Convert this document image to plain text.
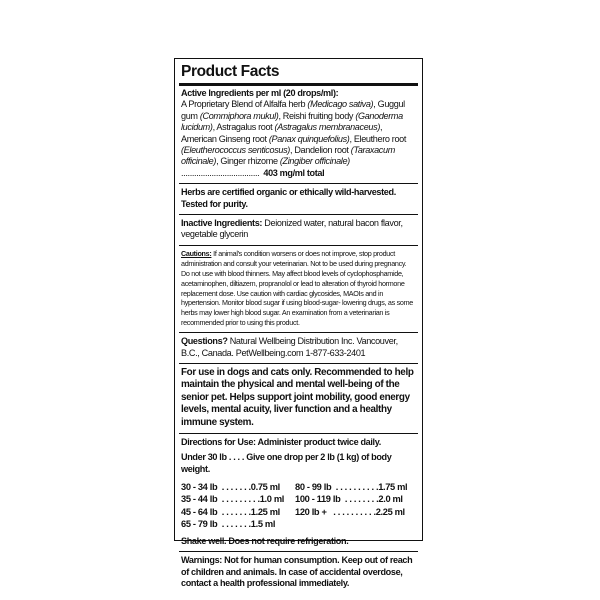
Product Facts
Active Ingredients per ml (20 drops/ml):
A Proprietary Blend of Alfalfa herb (Medicago sativa), Guggul gum (Commiphora mukul), Reishi fruiting body (Ganoderma lucidum), Astragalus root (Astragalus membranaceus), American Ginseng root (Panax quinquefolius), Eleuthero root (Eleutherococcus senticosus), Dandelion root (Taraxacum officinale), Ginger rhizome (Zingiber officinale) .................................... 403 mg/ml total
Herbs are certified organic or ethically wild-harvested. Tested for purity.
Inactive Ingredients: Deionized water, natural bacon flavor, vegetable glycerin
Cautions: If animal's condition worsens or does not improve, stop product administration and consult your veterinarian. Not to be used during pregnancy. Do not use with blood thinners. May affect blood levels of cyclophosphamide, acetaminophen, diltiazem, propranolol or lead to alteration of thyroid hormone replacement dose. Use caution with cardiac glycosides, MAOIs and in hypertension. Monitor blood sugar if using blood-sugar- lowering drugs, as some herbs may lower high blood sugar. An examination from a veterinarian is recommended prior to using this product.
Questions? Natural Wellbeing Distribution Inc. Vancouver, B.C., Canada. PetWellbeing.com 1-877-633-2401
For use in dogs and cats only. Recommended to help maintain the physical and mental well-being of the senior pet. Helps support joint mobility, good energy levels, mental acuity, liver function and a healthy immune system.
Directions for Use: Administer product twice daily.
Under 30 lb . . . . Give one drop per 2 lb (1 kg) of body weight.
30 - 34 lb  . . . . . . . 0.75 ml
35 - 44 lb  . . . . . . . . . 1.0 ml
45 - 64 lb  . . . . . . . 1.25 ml
65 - 79 lb  . . . . . . . 1.5 ml
80 - 99 lb  . . . . . . . . . . 1.75 ml
100 - 119 lb  . . . . . . . . 2.0 ml
120 lb +   . . . . . . . . . . 2.25 ml
Shake well. Does not require refrigeration.
Warnings: Not for human consumption. Keep out of reach of children and animals. In case of accidental overdose, contact a health professional immediately.
